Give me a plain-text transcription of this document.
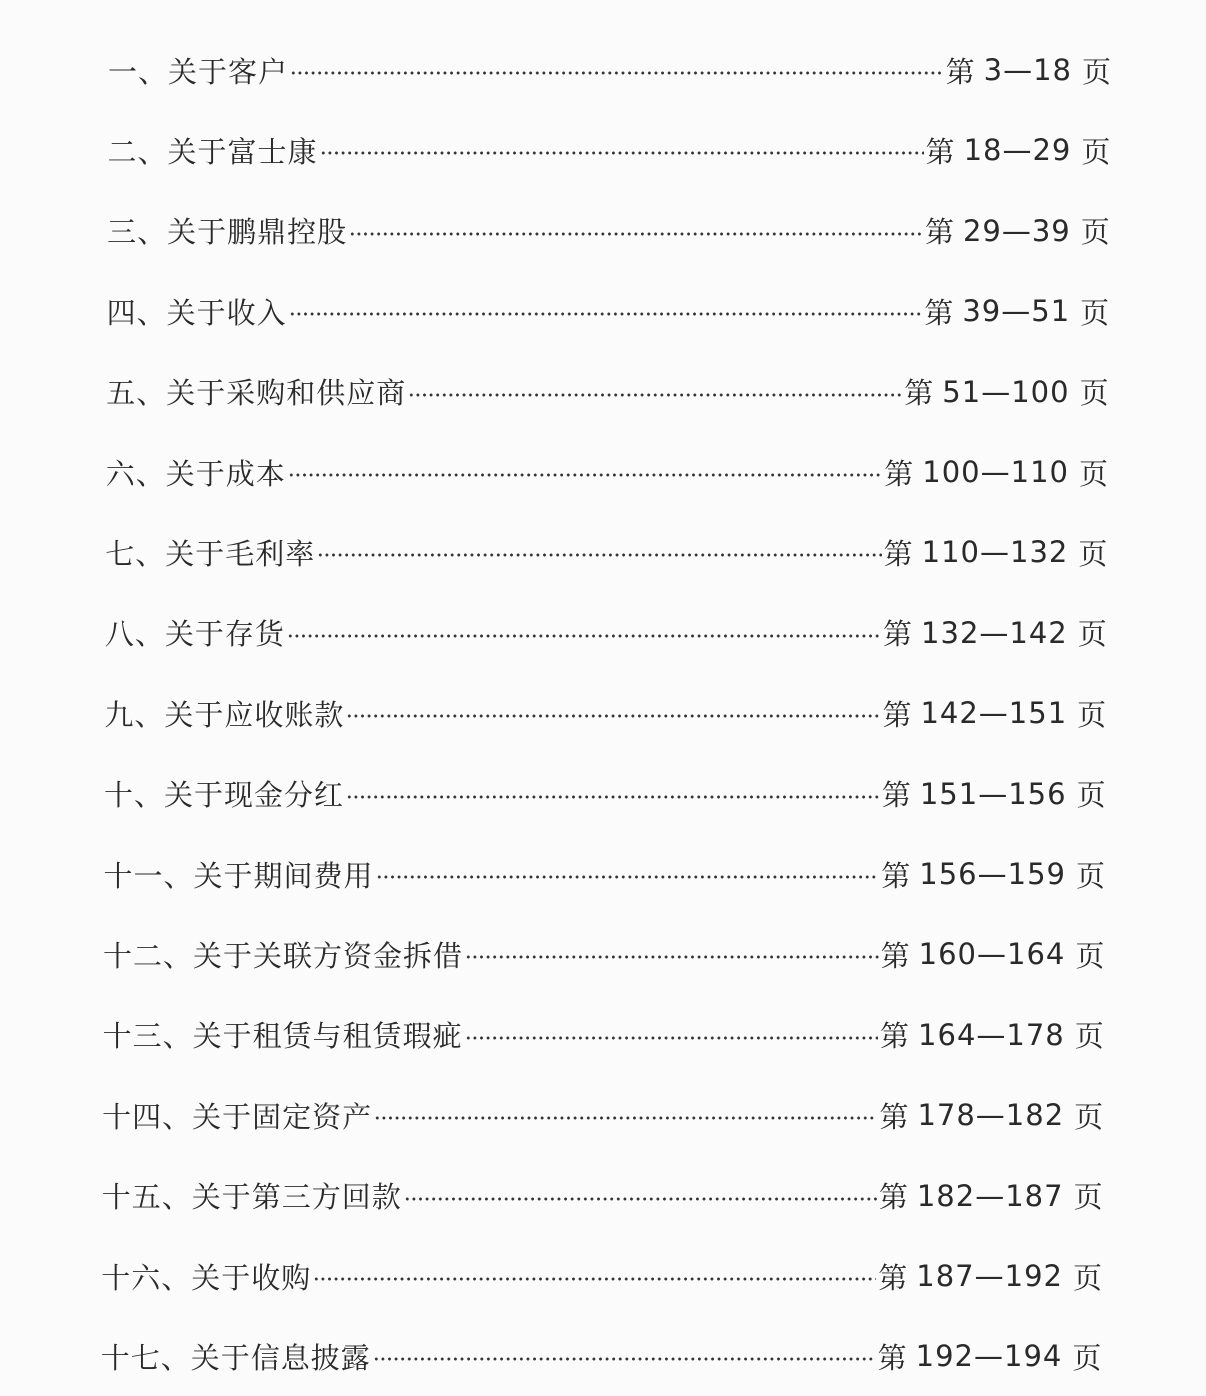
一、关于客户	第 3—18 页
二、关于富士康	第 18—29 页
三、关于鹏鼎控股	第 29—39 页
四、关于收入	第 39—51 页
五、关于采购和供应商	第 51—100 页
六、关于成本	第 100—110 页
七、关于毛利率	第 110—132 页
八、关于存货	第 132—142 页
九、关于应收账款	第 142—151 页
十、关于现金分红	第 151—156 页
十一、关于期间费用	第 156—159 页
十二、关于关联方资金拆借	第 160—164 页
十三、关于租赁与租赁瑕疵	第 164—178 页
十四、关于固定资产	第 178—182 页
十五、关于第三方回款	第 182—187 页
十六、关于收购	第 187—192 页
十七、关于信息披露	第 192—194 页
